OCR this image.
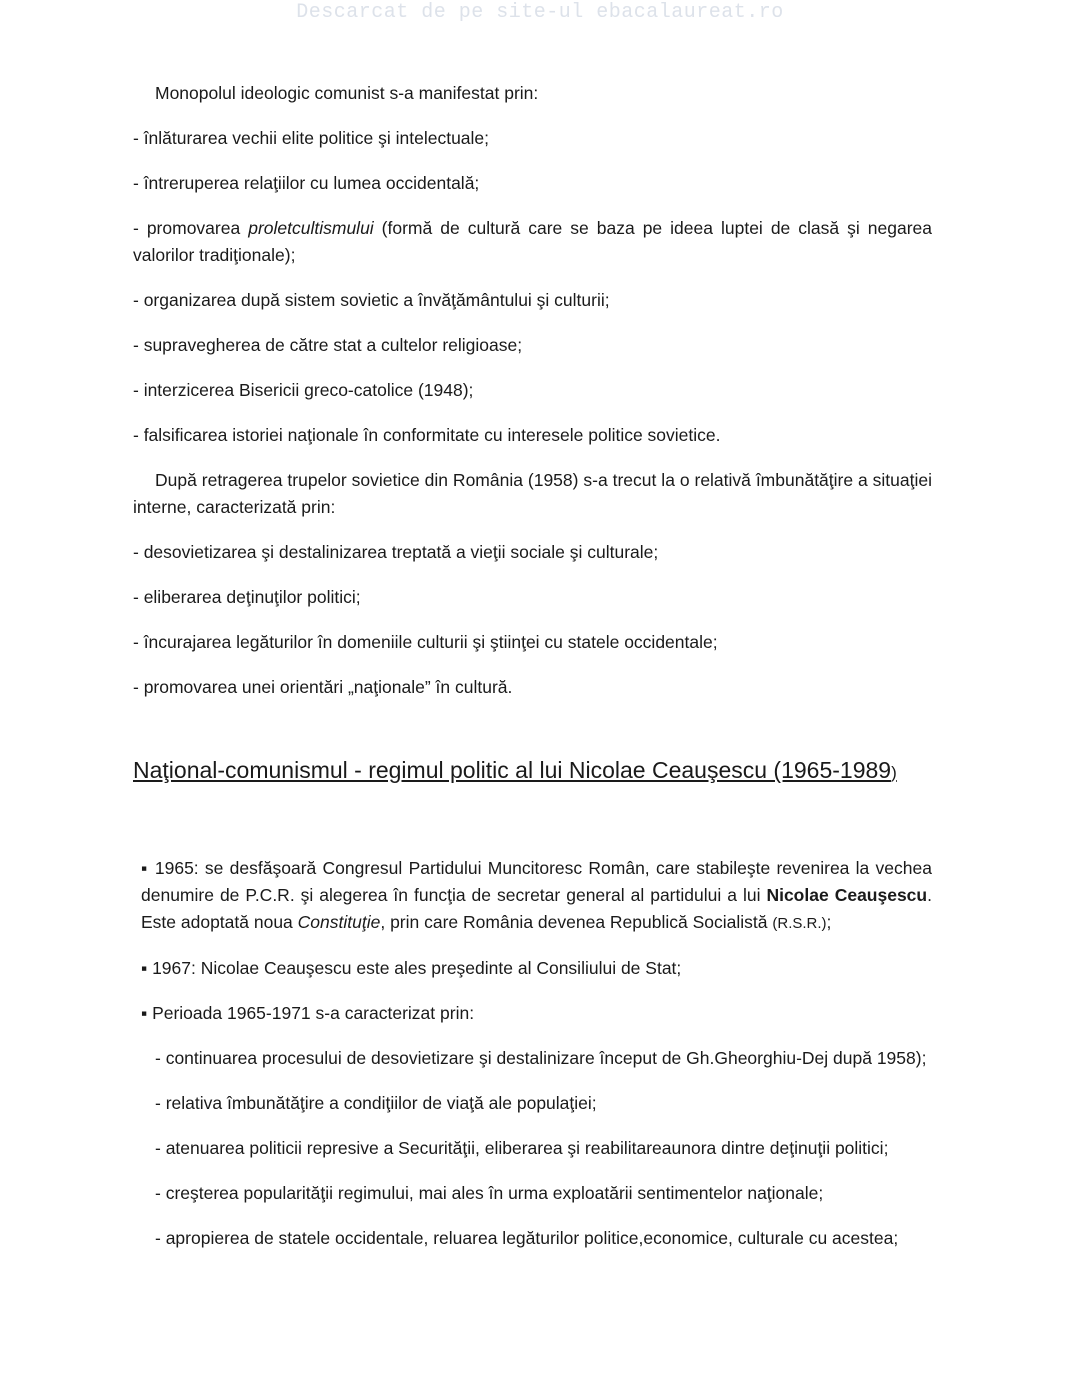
Descarcat de pe site-ul ebacalaureat.ro

Monopolul ideologic comunist s-a manifestat prin:

- înlăturarea vechii elite politice şi intelectuale;

- întreruperea relaţiilor cu lumea occidentală;

- promovarea proletcultismului (formă de cultură care se baza pe ideea luptei de clasă şi negarea valorilor tradiţionale);

- organizarea după sistem sovietic a învăţământului şi culturii;

- supravegherea de către stat a cultelor religioase;

- interzicerea Bisericii greco-catolice (1948);

- falsificarea istoriei naţionale în conformitate cu interesele politice sovietice.

După retragerea trupelor sovietice din România (1958) s-a trecut la o relativă îmbunătăţire a situaţiei interne, caracterizată prin:

- desovietizarea şi destalinizarea treptată a vieţii sociale şi culturale;

- eliberarea deţinuţilor politici;

- încurajarea legăturilor în domeniile culturii şi ştiinţei cu statele occidentale;

- promovarea unei orientări „naţionale” în cultură.

Naţional-comunismul - regimul politic al lui Nicolae Ceauşescu (1965-1989)

▪ 1965: se desfăşoară Congresul Partidului Muncitoresc Român, care stabileşte revenirea la vechea denumire de P.C.R. şi alegerea în funcţia de secretar general al partidului a lui Nicolae Ceauşescu. Este adoptată noua Constituţie, prin care România devenea Republică Socialistă (R.S.R.);

▪ 1967: Nicolae Ceauşescu este ales preşedinte al Consiliului de Stat;

▪ Perioada 1965-1971 s-a caracterizat prin:

- continuarea procesului de desovietizare şi destalinizare început de Gh.Gheorghiu-Dej după 1958);

- relativa îmbunătăţire a condiţiilor de viaţă ale populaţiei;

- atenuarea politicii represive a Securităţii, eliberarea şi reabilitareaunora dintre deţinuţii politici;

- creşterea popularităţii regimului, mai ales în urma exploatării sentimentelor naţionale;

- apropierea de statele occidentale, reluarea legăturilor politice,economice, culturale cu acestea;
